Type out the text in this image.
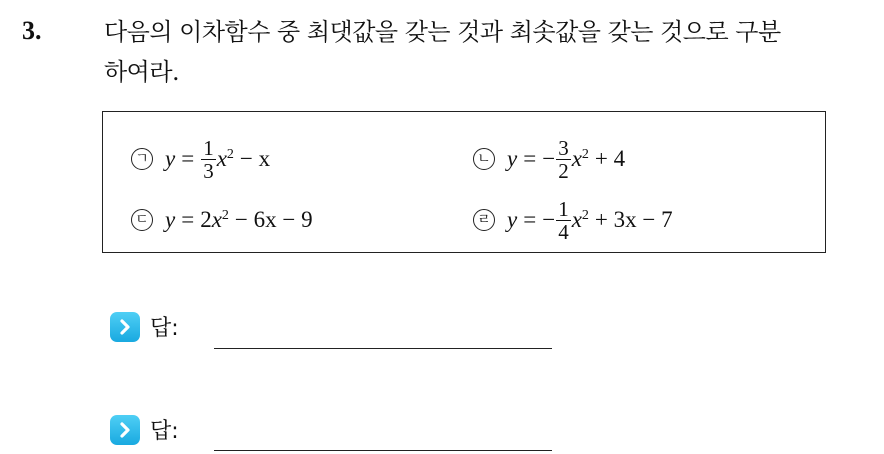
3.	다음의 이차함수 중 최댓값을 갖는 것과 최솟값을 갖는 것으로 구분
하여라.
ㄱ $y = \frac{1}{3} x^2 - x$	ㄴ y = − $\frac{3}{2} x^2 + 4$
ㄷ y = 2 $x^2 - 6x - 9$	ㄹ y = − $\frac{1}{4} x^2 + 3x - 7$
답:
답:
